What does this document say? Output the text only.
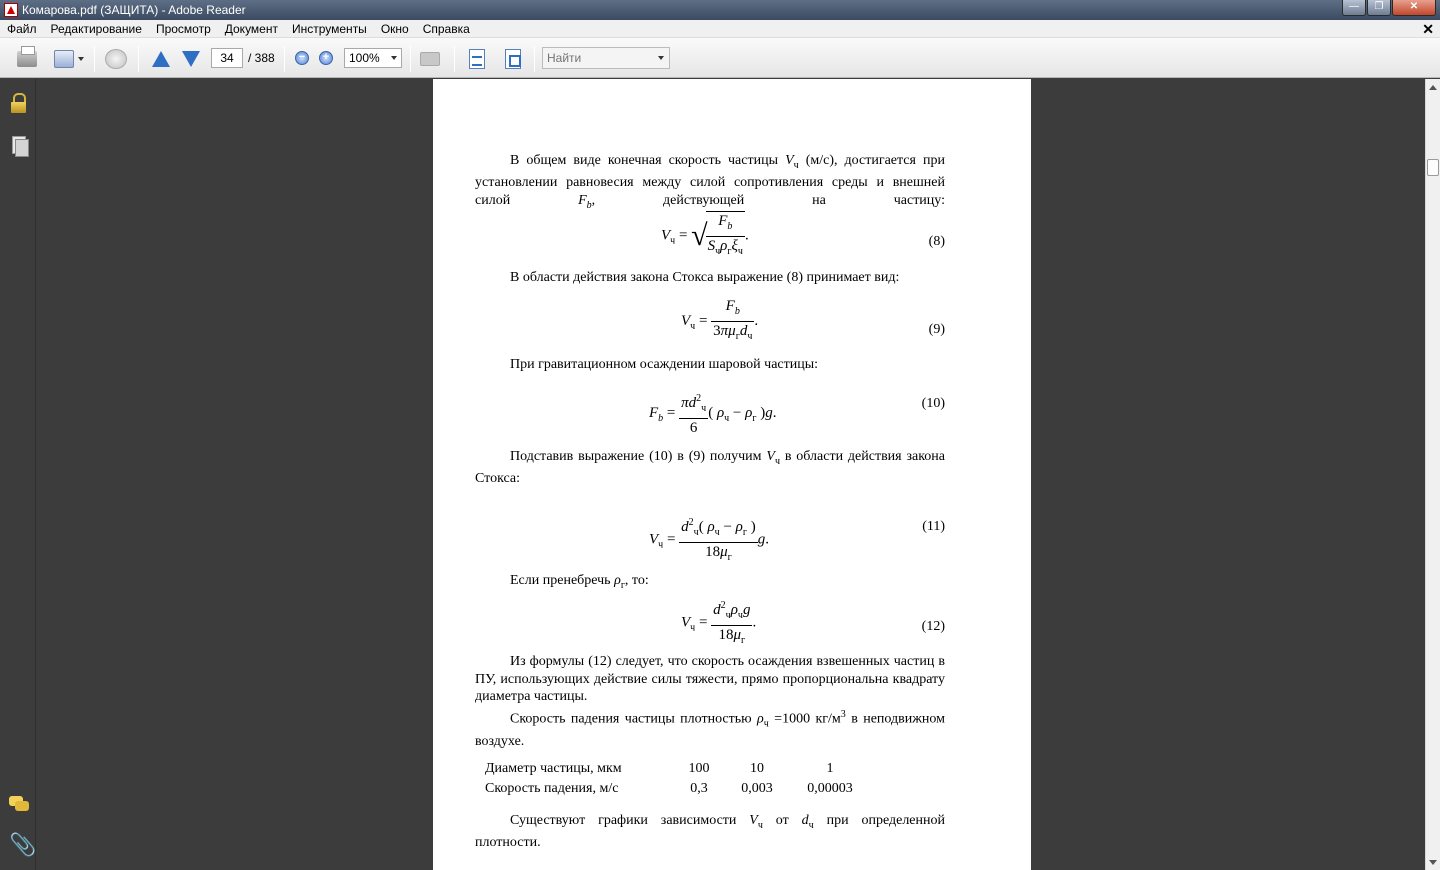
Комарова.pdf (ЗАЩИТА) - Adobe Reader	—	❐	✕
Файл	Редактирование	Просмотр	Документ	Инструменты	Окно	Справка	✕
34
/ 388	−	+	100%
Найти
📎
В общем виде конечная скорость частицы $V_ч$ (м/с), достигается при установлении равновесия между силой сопротивления среды и внешней силой $F_b$, действующей на частицу:
$V_ч$ = √
$\frac{F_b}{S_ч\rho_г\xi_ч}$ .	(8)
В области действия закона Стокса выражение (8) принимает вид:
$V_ч = \frac{F_b}{3\pi\mu_гd_ч}$ .
(9)
При гравитационном осаждении шаровой частицы:
$F_b = \frac{\pi d^2_ч}{6}$ ( $\rho_ч - \rho_г$ )g.
(10)
Подставив выражение (10) в (9) получим $V_ч$ в области действия закона Стокса:
$V_ч = \frac{d^2_ч( \rho_ч - \rho_г )}{18\mu_г} g$.
(11)
Если пренебречь $\rho_г$, то:
$V_ч = \frac{d^2_ч\rho_чg}{18\mu_г}$ .	(12)
Из формулы (12) следует, что скорость осаждения взвешенных частиц в ПУ, использующих действие силы тяжести, прямо пропорциональна квадрату диаметра частицы.
Скорость падения частицы плотностью $\rho_ч =1000$ $кг/м^3$ в неподвижном воздухе.
Диаметр частицы, мкм	100	10	1
Скорость падения, м/с	0,3	0,003	0,00003
Существуют графики зависимости $V_ч$ от $d_ч$ при определенной плотности.
